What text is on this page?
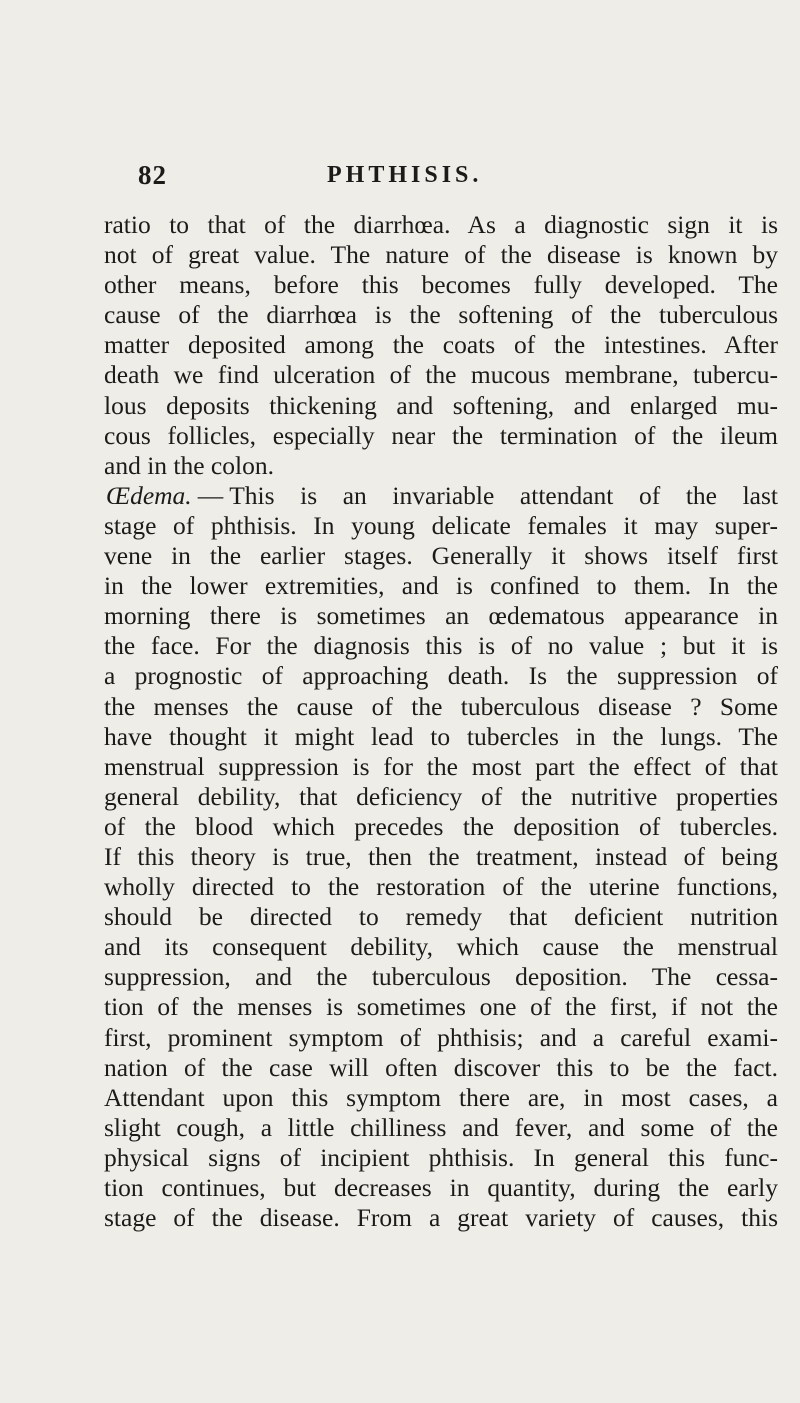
82	PHTHISIS.
ratio to that of the diarrhœa. As a diagnostic sign it is
not of great value. The nature of the disease is known by
other means, before this becomes fully developed. The
cause of the diarrhœa is the softening of the tuberculous
matter deposited among the coats of the intestines. After
death we find ulceration of the mucous membrane, tubercu-
lous deposits thickening and softening, and enlarged mu-
cous follicles, especially near the termination of the ileum
and in the colon.
Œdema. — This is an invariable attendant of the last
stage of phthisis. In young delicate females it may super-
vene in the earlier stages. Generally it shows itself first
in the lower extremities, and is confined to them. In the
morning there is sometimes an œdematous appearance in
the face. For the diagnosis this is of no value ; but it is
a prognostic of approaching death. Is the suppression of
the menses the cause of the tuberculous disease ? Some
have thought it might lead to tubercles in the lungs. The
menstrual suppression is for the most part the effect of that
general debility, that deficiency of the nutritive properties
of the blood which precedes the deposition of tubercles.
If this theory is true, then the treatment, instead of being
wholly directed to the restoration of the uterine functions,
should be directed to remedy that deficient nutrition
and its consequent debility, which cause the menstrual
suppression, and the tuberculous deposition. The cessa-
tion of the menses is sometimes one of the first, if not the
first, prominent symptom of phthisis; and a careful exami-
nation of the case will often discover this to be the fact.
Attendant upon this symptom there are, in most cases, a
slight cough, a little chilliness and fever, and some of the
physical signs of incipient phthisis. In general this func-
tion continues, but decreases in quantity, during the early
stage of the disease. From a great variety of causes, this
